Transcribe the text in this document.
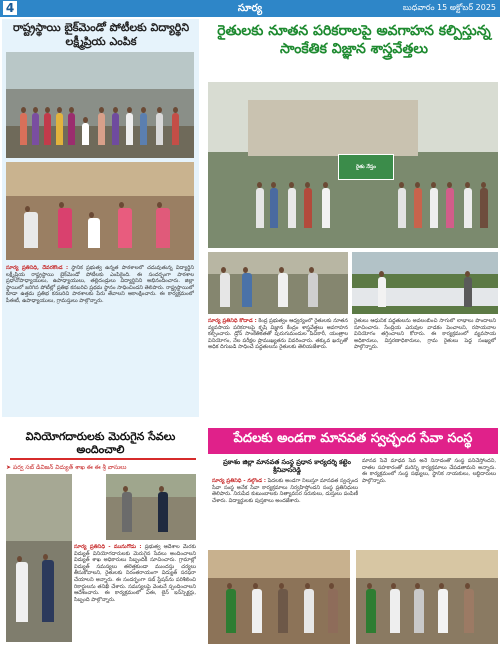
4	సూర్య	బుధవారం 15 అక్టోబర్ 2025
రాష్ట్రస్థాయి బైక్‌మెండో పోటీలకు విద్యార్థిని లక్ష్మీప్రియ ఎంపిక
సూర్య ప్రతినిధి, దేవరకొండ : స్థానిక ప్రభుత్వ ఉన్నత పాఠశాలలో చదువుతున్న విద్యార్థిని లక్ష్మీప్రియ రాష్ట్రస్థాయి బైక్‌మెండో పోటీలకు ఎంపికైంది. ఈ సందర్భంగా పాఠశాల ప్రధానోపాధ్యాయులు, ఉపాధ్యాయులు, తల్లిదండ్రులు విద్యార్థినిని అభినందించారు. జిల్లా స్థాయిలో జరిగిన పోటీల్లో ప్రతిభ కనబరిచి ప్రథమ స్థానం సాధించిందని తెలిపారు. రాష్ట్రస్థాయిలో కూడా ఉత్తమ ప్రతిభ కనబరిచి పాఠశాలకు పేరు తేవాలని ఆకాంక్షించారు. ఈ కార్యక్రమంలో పీఈటీ, ఉపాధ్యాయులు, గ్రామస్తులు పాల్గొన్నారు.
వినియోగదారులకు మెరుగైన సేవలు అందించాలి
➤ పర్వ సబ్ డివిజన్ విద్యుత్ శాఖ ఈ ఈ శ్రీ వాసులు
సూర్య ప్రతినిధి - మునుగోడు : ప్రభుత్వ ఆదేశాల మేరకు విద్యుత్ వినియోగదారులకు మెరుగైన సేవలు అందించాలని విద్యుత్ శాఖ అధికారులు సిబ్బందికి సూచించారు. గ్రామాల్లో విద్యుత్ సమస్యలు తలెత్తకుండా ముందస్తు చర్యలు తీసుకోవాలని, రైతులకు నిరంతరాయంగా విద్యుత్ సరఫరా చేయాలని అన్నారు. ఈ సందర్భంగా సబ్ స్టేషన్‌ను పరిశీలించి రికార్డులను తనిఖీ చేశారు. సమస్యలపై వెంటనే స్పందించాలని ఆదేశించారు. ఈ కార్యక్రమంలో ఏఈ, లైన్ ఇన్‌స్పెక్టర్లు, సిబ్బంది పాల్గొన్నారు.
రైతులకు నూతన పరికరాలపై అవగాహన కల్పిస్తున్న సాంకేతిక విజ్ఞాన శాస్త్రవేత్తలు
రైతు నేస్తం
సూర్య ప్రతినిధి కోదాడ : కేంద్ర ప్రభుత్వం ఆధ్వర్యంలో రైతులకు నూతన వ్యవసాయ పరికరాలపై కృషి విజ్ఞాన కేంద్రం శాస్త్రవేత్తలు అవగాహన కల్పించారు. డ్రోన్ సాంకేతికతతో పురుగుమందుల పిచికారీ, యంత్రాల వినియోగం, నేల పరీక్షల ప్రాముఖ్యతను వివరించారు. తక్కువ ఖర్చుతో అధిక దిగుబడి సాధించే పద్ధతులను రైతులకు తెలియజేశారు.
రైతులు ఆధునిక పద్ధతులను అవలంబించి సాగులో లాభాలు పొందాలని సూచించారు. సేంద్రియ ఎరువుల వాడకం పెంచాలని, రసాయనాల వినియోగం తగ్గించాలని కోరారు. ఈ కార్యక్రమంలో వ్యవసాయ అధికారులు, విస్తరణాధికారులు, గ్రామ రైతులు పెద్ద సంఖ్యలో పాల్గొన్నారు.
పేదలకు అండగా మానవత స్వచ్ఛంద సేవా సంస్థ
ప్రకాశం జిల్లా మానవత సంస్థ ప్రధాన కార్యదర్శి కట్టెం శ్రీనివాసరెడ్డి
సూర్య ప్రతినిధి - నల్గొండ : పేదలకు అండగా నిలుస్తూ మానవత స్వచ్ఛంద సేవా సంస్థ అనేక సేవా కార్యక్రమాలు నిర్వహిస్తోందని సంస్థ ప్రతినిధులు తెలిపారు. నిరుపేద కుటుంబాలకు నిత్యావసర సరుకులు, దుస్తులు పంపిణీ చేశారు. విద్యార్థులకు పుస్తకాలు అందజేశారు.
మానవ సేవే మాధవ సేవ అనే నినాదంతో సంస్థ పనిచేస్తోందని, దాతల సహకారంతో మరిన్ని కార్యక్రమాలు చేపడతామని అన్నారు. ఈ కార్యక్రమంలో సంస్థ సభ్యులు, స్థానిక నాయకులు, లబ్ధిదారులు పాల్గొన్నారు.
